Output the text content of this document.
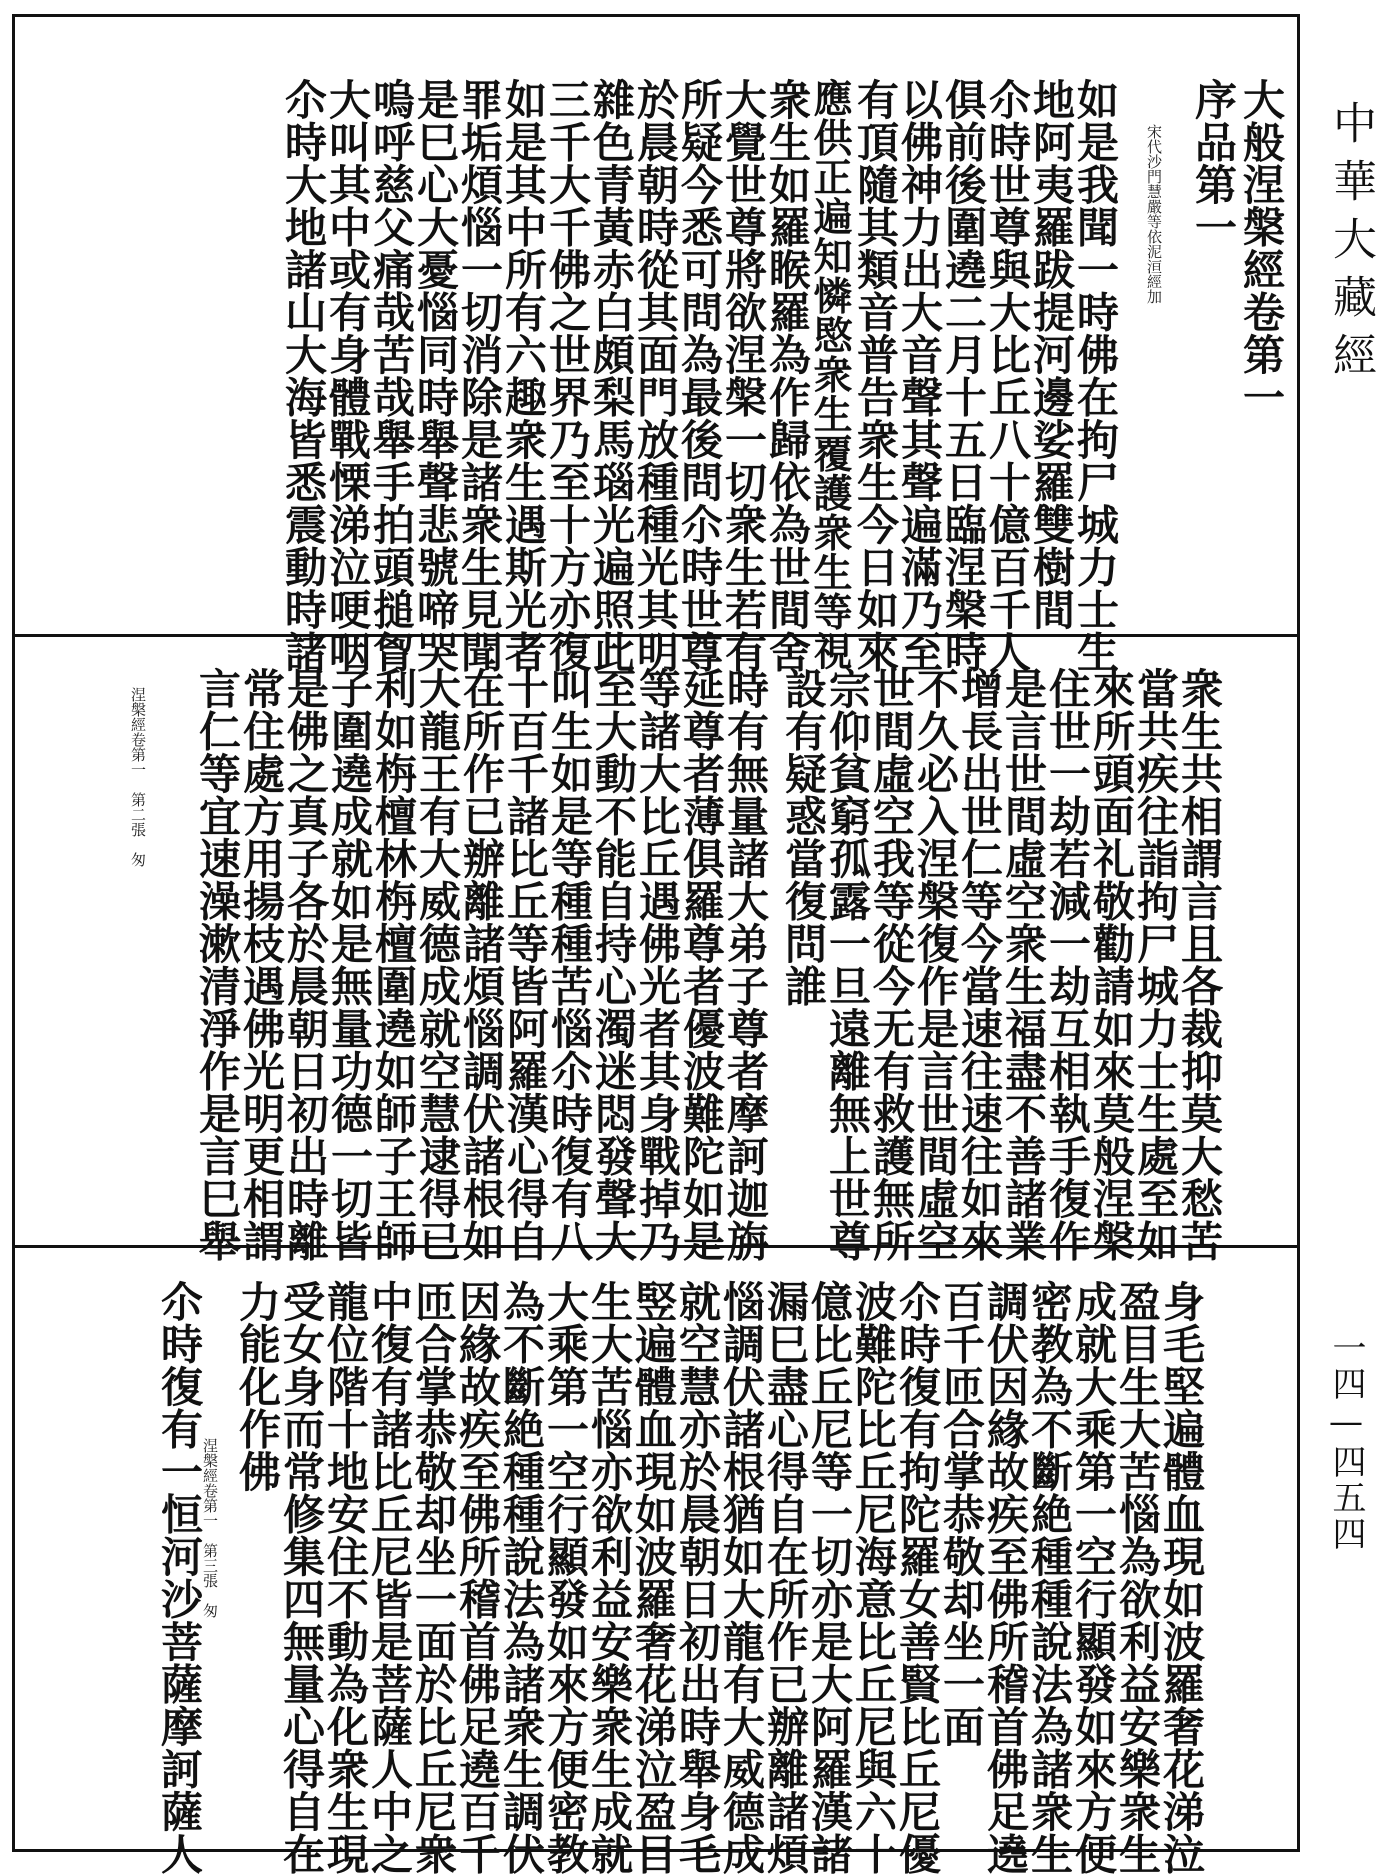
大般涅槃經卷第一
宋代沙門慧嚴等依泥洹經加 序品第一
如是我聞一時佛在拘尸城力士生
地阿夷羅跋提河邊娑羅雙樹間
尒時世尊與大比丘八十億百千人
俱前後圍遶二月十五日臨涅槃時
以佛神力出大音聲其聲遍滿乃至
有頂隨其類音普告衆生今日如來
應供正遍知憐愍衆生覆護衆生等視
衆生如羅睺羅為作歸依為世間舍
大覺世尊將欲涅槃一切衆生若有
所疑今悉可問為最後問尒時世尊
於晨朝時從其面門放種種光其明
雜色青黃赤白頗梨馬瑙光遍照此
三千大千佛之世界乃至十方亦復
如是其中所有六趣衆生遇斯光者
罪垢煩惱一切消除是諸衆生見聞
是巳心大憂惱同時舉聲悲號啼哭
嗚呼慈父痛哉苦哉舉手拍頭搥胷
大叫其中或有身體戰慄涕泣哽咽
尒時大地諸山大海皆悉震動時諸
衆生共相謂言且各裁抑莫大愁苦
當共疾往詣拘尸城力士生處至如
來所頭面礼敬勸請如來莫般涅槃
住世一劫若減一劫互相執手復作
是言世間虛空衆生福盡不善諸業
增長出世仁等今當速往速往如來
不久必入涅槃復作是言世間虛空
世間虛空我等從今无有救護無所
宗仰貧窮孤露一旦遠離無上世尊
設有疑惑當復問誰
時有無量諸大弟子尊者摩訶迦旃
延尊者薄俱羅尊者優波難陀如是
等諸大比丘遇佛光者其身戰掉乃
至大動不能自持心濁迷悶發聲大
叫生如是等種種苦惱尒時復有八
十百千諸比丘等皆阿羅漢心得自
在所作已辦離諸煩惱調伏諸根如
大龍王有大威德成就空慧逮得已
利如栴檀林栴檀圍遶如師子王師
子圍遶成就如是無量功德一切皆
是佛之真子各於晨朝日初出時離
常住處方用揚枝遇佛光明更相謂
言仁等宜速澡漱清淨作是言巳舉
涅槃經卷第一　第二張　匆
身毛堅遍體血現如波羅奢花涕泣
盈目生大苦惱為欲利益安樂衆生
成就大乘第一空行顯發如來方便
密教為不斷絶種種說法為諸衆生
調伏因緣故疾至佛所稽首佛足遶
百千匝合掌恭敬却坐一面
尒時復有拘陀羅女善賢比丘尼優
波難陀比丘尼海意比丘尼與六十
億比丘尼等一切亦是大阿羅漢諸
漏巳盡心得自在所作已辦離諸煩
惱調伏諸根猶如大龍有大威德成
就空慧亦於晨朝日初出時舉身毛
竪遍體血現如波羅奢花涕泣盈目
生大苦惱亦欲利益安樂衆生成就
大乘第一空行顯發如來方便密教
為不斷絶種種說法為諸衆生調伏
因緣故疾至佛所稽首佛足遶百千
匝合掌恭敬却坐一面於比丘尼衆
中復有諸比丘尼皆是菩薩人中之
龍位階十地安住不動為化衆生現
受女身而常修集四無量心得自在
力能化作佛
尒時復有一恒河沙菩薩摩訶薩人
涅槃經卷第一　第三張　匆
中華大藏經
一四—四五四
